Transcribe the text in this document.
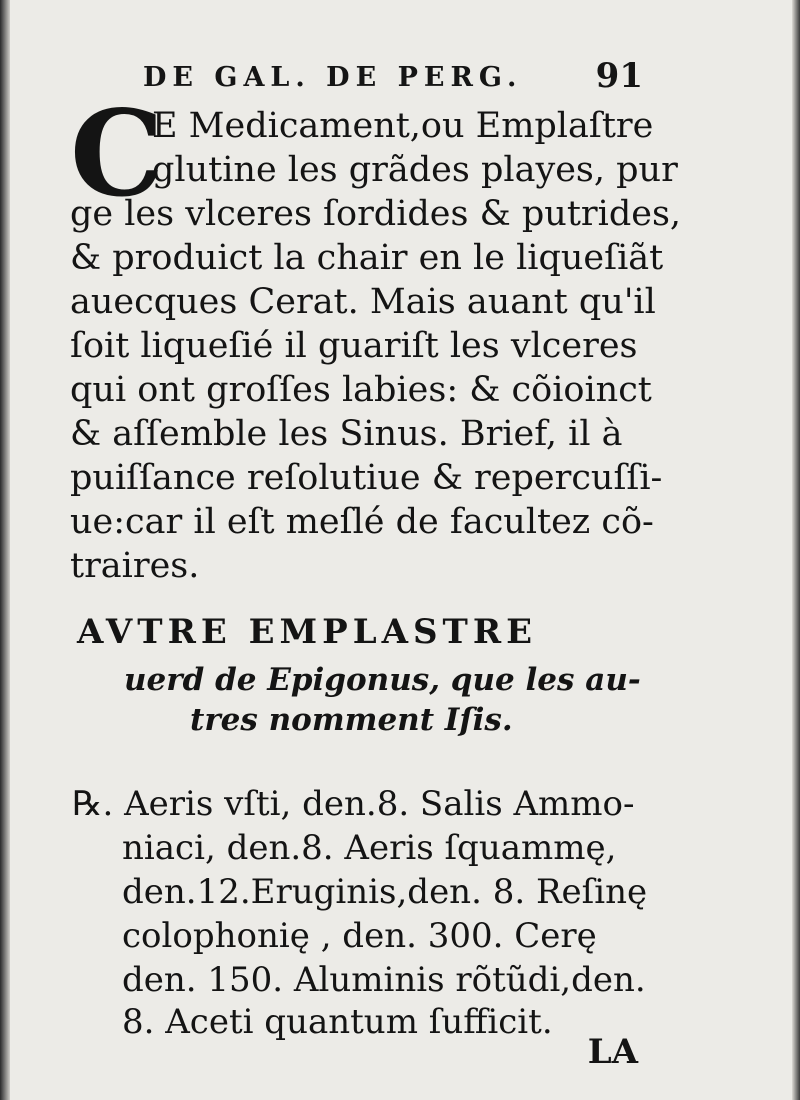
DE GAL. DE PERG. 91
C
E Medicament,ou Emplaſtre
glutine les grãdes playes, pur
ge les vlceres ſordides & putrides,
& produict la chair en le liqueſiãt
auecques Cerat. Mais auant qu'il
ſoit liqueſié il guariſt les vlceres
qui ont groſſes labies: & cõioinct
& aſſemble les Sinus. Brief, il à
puiſſance reſolutiue & repercuſſi-
ue:car il eſt meſlé de facultez cõ-
traires.
AVTRE EMPLASTRE
uerd de Epigonus, que les au-
tres nomment Iſis.
℞. Aeris vſti, den.8. Salis Ammo-
niaci, den.8. Aeris ſquammę,
den.12.Eruginis,den. 8. Reſinę
colophonię , den. 300. Cerę
den. 150. Aluminis rõtũdi,den.
8. Aceti quantum ſufficit.
LA
